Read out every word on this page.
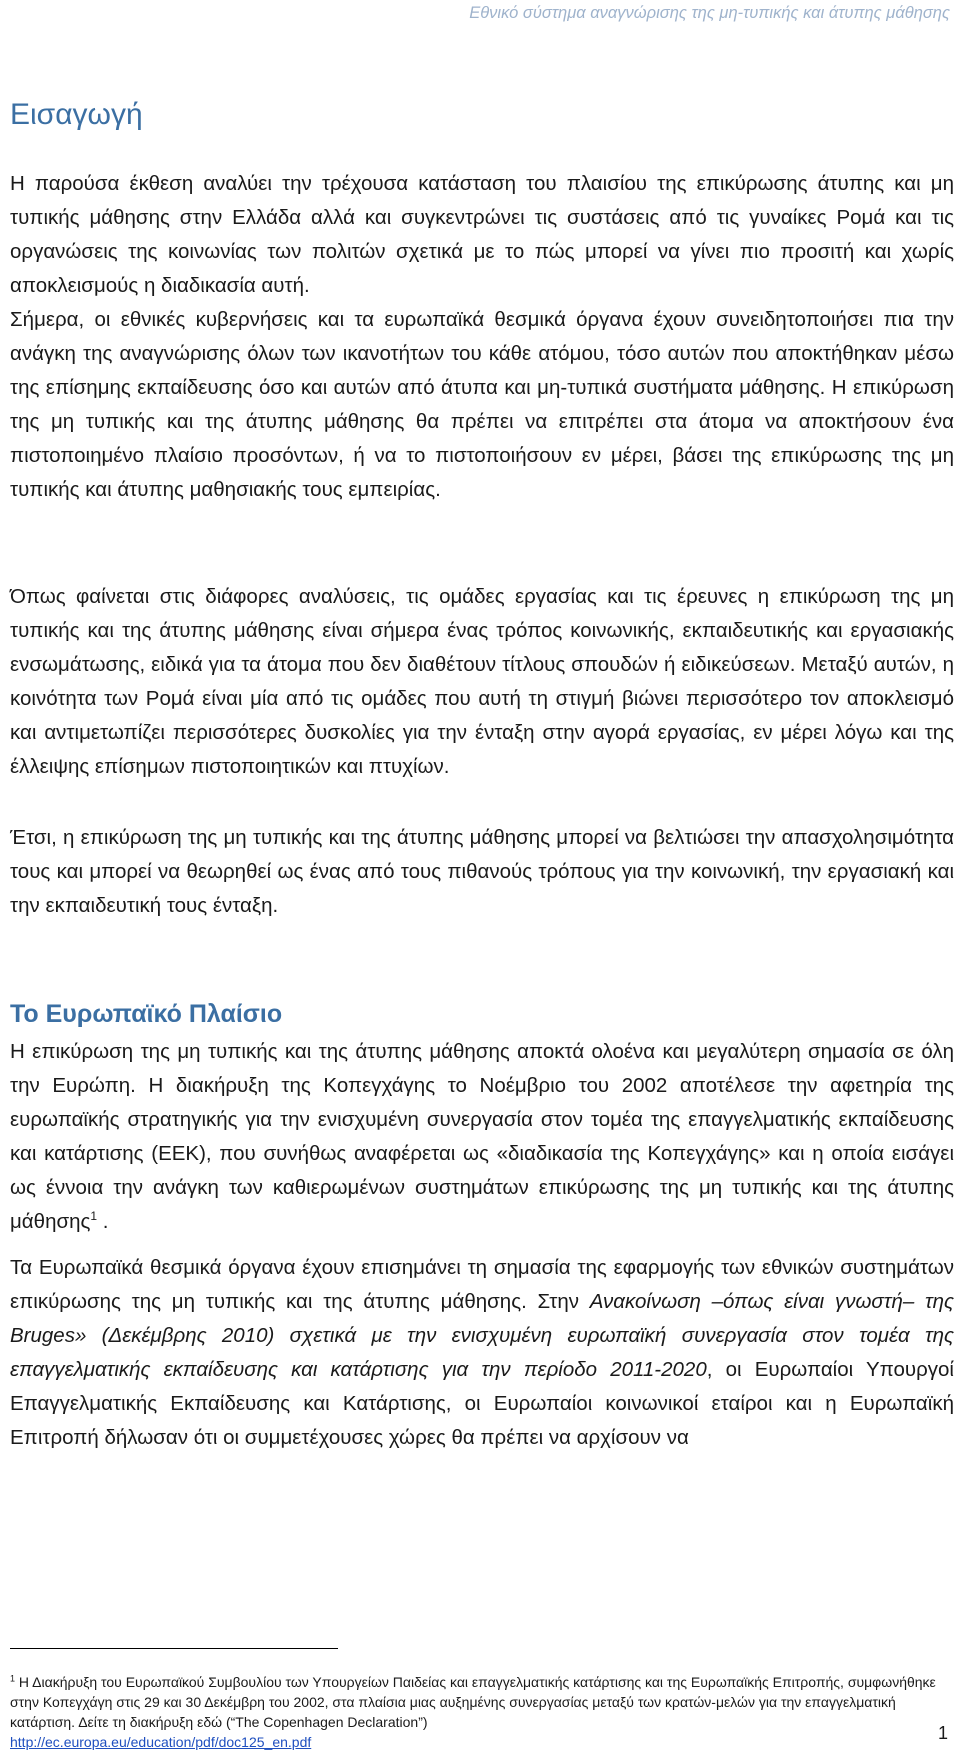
Εθνικό σύστημα αναγνώρισης της μη-τυπικής και άτυπης μάθησης
Εισαγωγή

Η παρούσα έκθεση αναλύει την τρέχουσα κατάσταση του πλαισίου της επικύρωσης άτυπης και μη τυπικής μάθησης στην Ελλάδα αλλά και συγκεντρώνει τις συστάσεις από τις γυναίκες Ρομά και τις οργανώσεις της κοινωνίας των πολιτών σχετικά με το πώς μπορεί να γίνει πιο προσιτή και χωρίς αποκλεισμούς η διαδικασία αυτή.

Σήμερα, οι εθνικές κυβερνήσεις και τα ευρωπαϊκά θεσμικά όργανα έχουν συνειδητοποιήσει πια την ανάγκη της αναγνώρισης όλων των ικανοτήτων του κάθε ατόμου, τόσο αυτών που αποκτήθηκαν μέσω της επίσημης εκπαίδευσης όσο και αυτών από άτυπα και μη-τυπικά συστήματα μάθησης. Η επικύρωση της μη τυπικής και της άτυπης μάθησης θα πρέπει να επιτρέπει στα άτομα να αποκτήσουν ένα πιστοποιημένο πλαίσιο προσόντων, ή να το πιστοποιήσουν εν μέρει, βάσει της επικύρωσης της μη τυπικής και άτυπης μαθησιακής τους εμπειρίας.

Όπως φαίνεται στις διάφορες αναλύσεις, τις ομάδες εργασίας και τις έρευνες η επικύρωση της μη τυπικής και της άτυπης μάθησης είναι σήμερα ένας τρόπος κοινωνικής, εκπαιδευτικής και εργασιακής ενσωμάτωσης, ειδικά για τα άτομα που δεν διαθέτουν τίτλους σπουδών ή ειδικεύσεων. Μεταξύ αυτών, η κοινότητα των Ρομά είναι μία από τις ομάδες που αυτή τη στιγμή βιώνει περισσότερο τον αποκλεισμό και αντιμετωπίζει περισσότερες δυσκολίες για την ένταξη στην αγορά εργασίας, εν μέρει λόγω και της έλλειψης επίσημων πιστοποιητικών και πτυχίων.

Έτσι, η επικύρωση της μη τυπικής και της άτυπης μάθησης μπορεί να βελτιώσει την απασχολησιμότητα τους και μπορεί να θεωρηθεί ως ένας από τους πιθανούς τρόπους για την κοινωνική, την εργασιακή και την εκπαιδευτική τους ένταξη.

Το Ευρωπαϊκό Πλαίσιο

Η επικύρωση της μη τυπικής και της άτυπης μάθησης αποκτά ολοένα και μεγαλύτερη σημασία σε όλη την Ευρώπη. Η διακήρυξη της Κοπεγχάγης το Νοέμβριο του 2002 αποτέλεσε την αφετηρία της ευρωπαϊκής στρατηγικής για την ενισχυμένη συνεργασία στον τομέα της επαγγελματικής εκπαίδευσης και κατάρτισης (ΕΕΚ), που συνήθως αναφέρεται ως «διαδικασία της Κοπεγχάγης» και η οποία εισάγει ως έννοια την ανάγκη των καθιερωμένων συστημάτων επικύρωσης της μη τυπικής και της άτυπης μάθησης$^1$ .

Τα Ευρωπαϊκά θεσμικά όργανα έχουν επισημάνει τη σημασία της εφαρμογής των εθνικών συστημάτων επικύρωσης της μη τυπικής και της άτυπης μάθησης. Στην Ανακοίνωση –όπως είναι γνωστή– της Bruges» (Δεκέμβρης 2010) σχετικά με την ενισχυμένη ευρωπαϊκή συνεργασία στον τομέα της επαγγελματικής εκπαίδευσης και κατάρτισης για την περίοδο 2011-2020, οι Ευρωπαίοι Υπουργοί Επαγγελματικής Εκπαίδευσης και Κατάρτισης, οι Ευρωπαίοι κοινωνικοί εταίροι και η Ευρωπαϊκή Επιτροπή δήλωσαν ότι οι συμμετέχουσες χώρες θα πρέπει να αρχίσουν να

$^1$ Η Διακήρυξη του Ευρωπαϊκού Συμβουλίου των Υπουργείων Παιδείας και επαγγελματικής κατάρτισης και της Ευρωπαϊκής Επιτροπής, συμφωνήθηκε στην Κοπεγχάγη στις 29 και 30 Δεκέμβρη του 2002, στα πλαίσια μιας αυξημένης συνεργασίας μεταξύ των κρατών-μελών για την επαγγελματική κατάρτιση. Δείτε τη διακήρυξη εδώ (“The Copenhagen Declaration”)
http://ec.europa.eu/education/pdf/doc125_en.pdf	1
